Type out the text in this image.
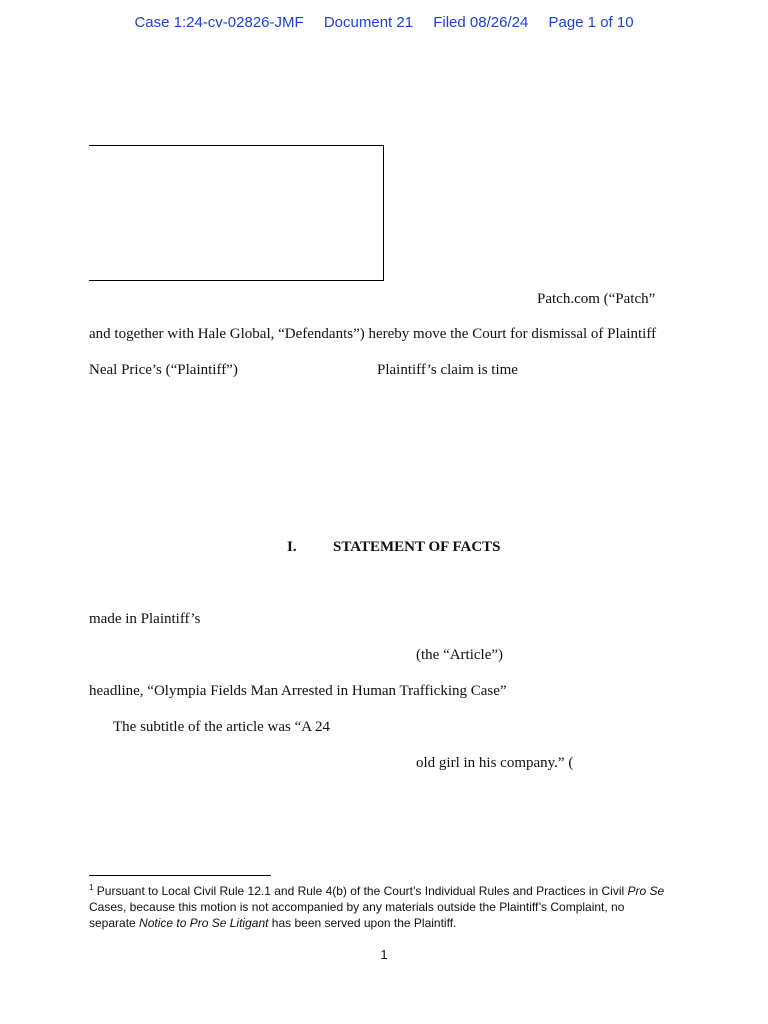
Case 1:24-cv-02826-JMF Document 21 Filed 08/26/24 Page 1 of 10
Patch.com (“Patch”
and together with Hale Global, “Defendants”) hereby move the Court for dismissal of Plaintiff
Neal Price’s (“Plaintiff”)	Plaintiff’s claim is time
I. STATEMENT OF FACTS
made in Plaintiff’s
(the “Article”)
headline, “Olympia Fields Man Arrested in Human Trafficking Case”
The subtitle of the article was “A 24
old girl in his company.” (
$^1$ Pursuant to Local Civil Rule 12.1 and Rule 4(b) of the Court’s Individual Rules and Practices in Civil Pro Se Cases, because this motion is not accompanied by any materials outside the Plaintiff’s Complaint, no separate Notice to Pro Se Litigant has been served upon the Plaintiff.
1
